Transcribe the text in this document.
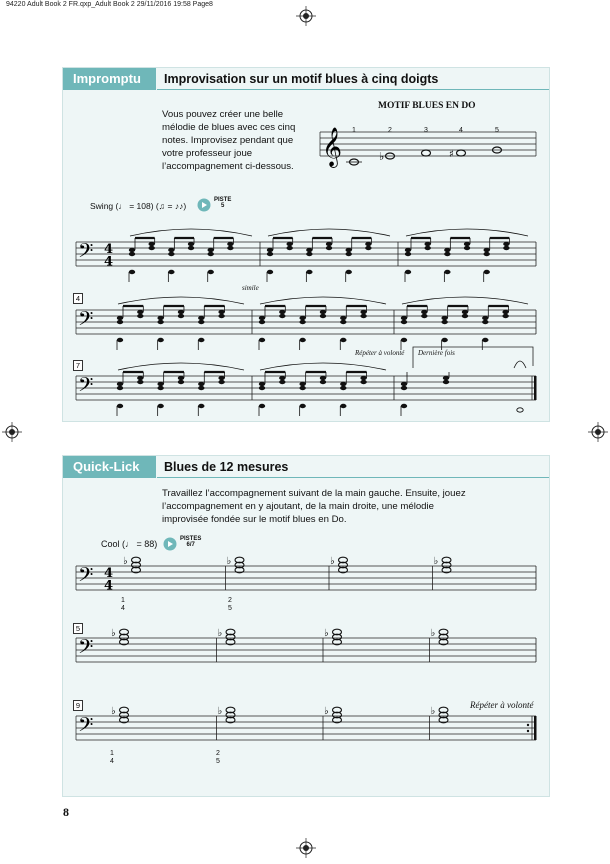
94220 Adult Book 2 FR.qxp_Adult Book 2 29/11/2016 19:58 Page8
Impromptu	Improvisation sur un motif blues à cinq doigts
Vous pouvez créer une belle
mélodie de blues avec ces cinq
notes. Improvisez pendant que
votre professeur joue
l’accompagnement ci-dessous.
MOTIF BLUES EN DO
𝄞	♭	♯
1	2	3	4	5
Swing (♩ = 108) (♫ = ♪♪)
PISTE
5
𝄢 4
4
𝄢
𝄢
4
7
simile
Répéter à volonté Dernière fois
Quick-Lick	Blues de 12 mesures
Travaillez l’accompagnement suivant de la main gauche. Ensuite, jouez
l’accompagnement en y ajoutant, de la main droite, une mélodie
improvisée fondée sur le motif blues en Do.
Cool (♩ = 88)	PISTES
6/7
𝄢 4
4
♭	♭	♭	♭
𝄢
♭	♭	♭	♭
𝄢
♭	♭	♭	♭
5
9	Répéter à volonté
1
4
2
5
1
4
2
5
8
